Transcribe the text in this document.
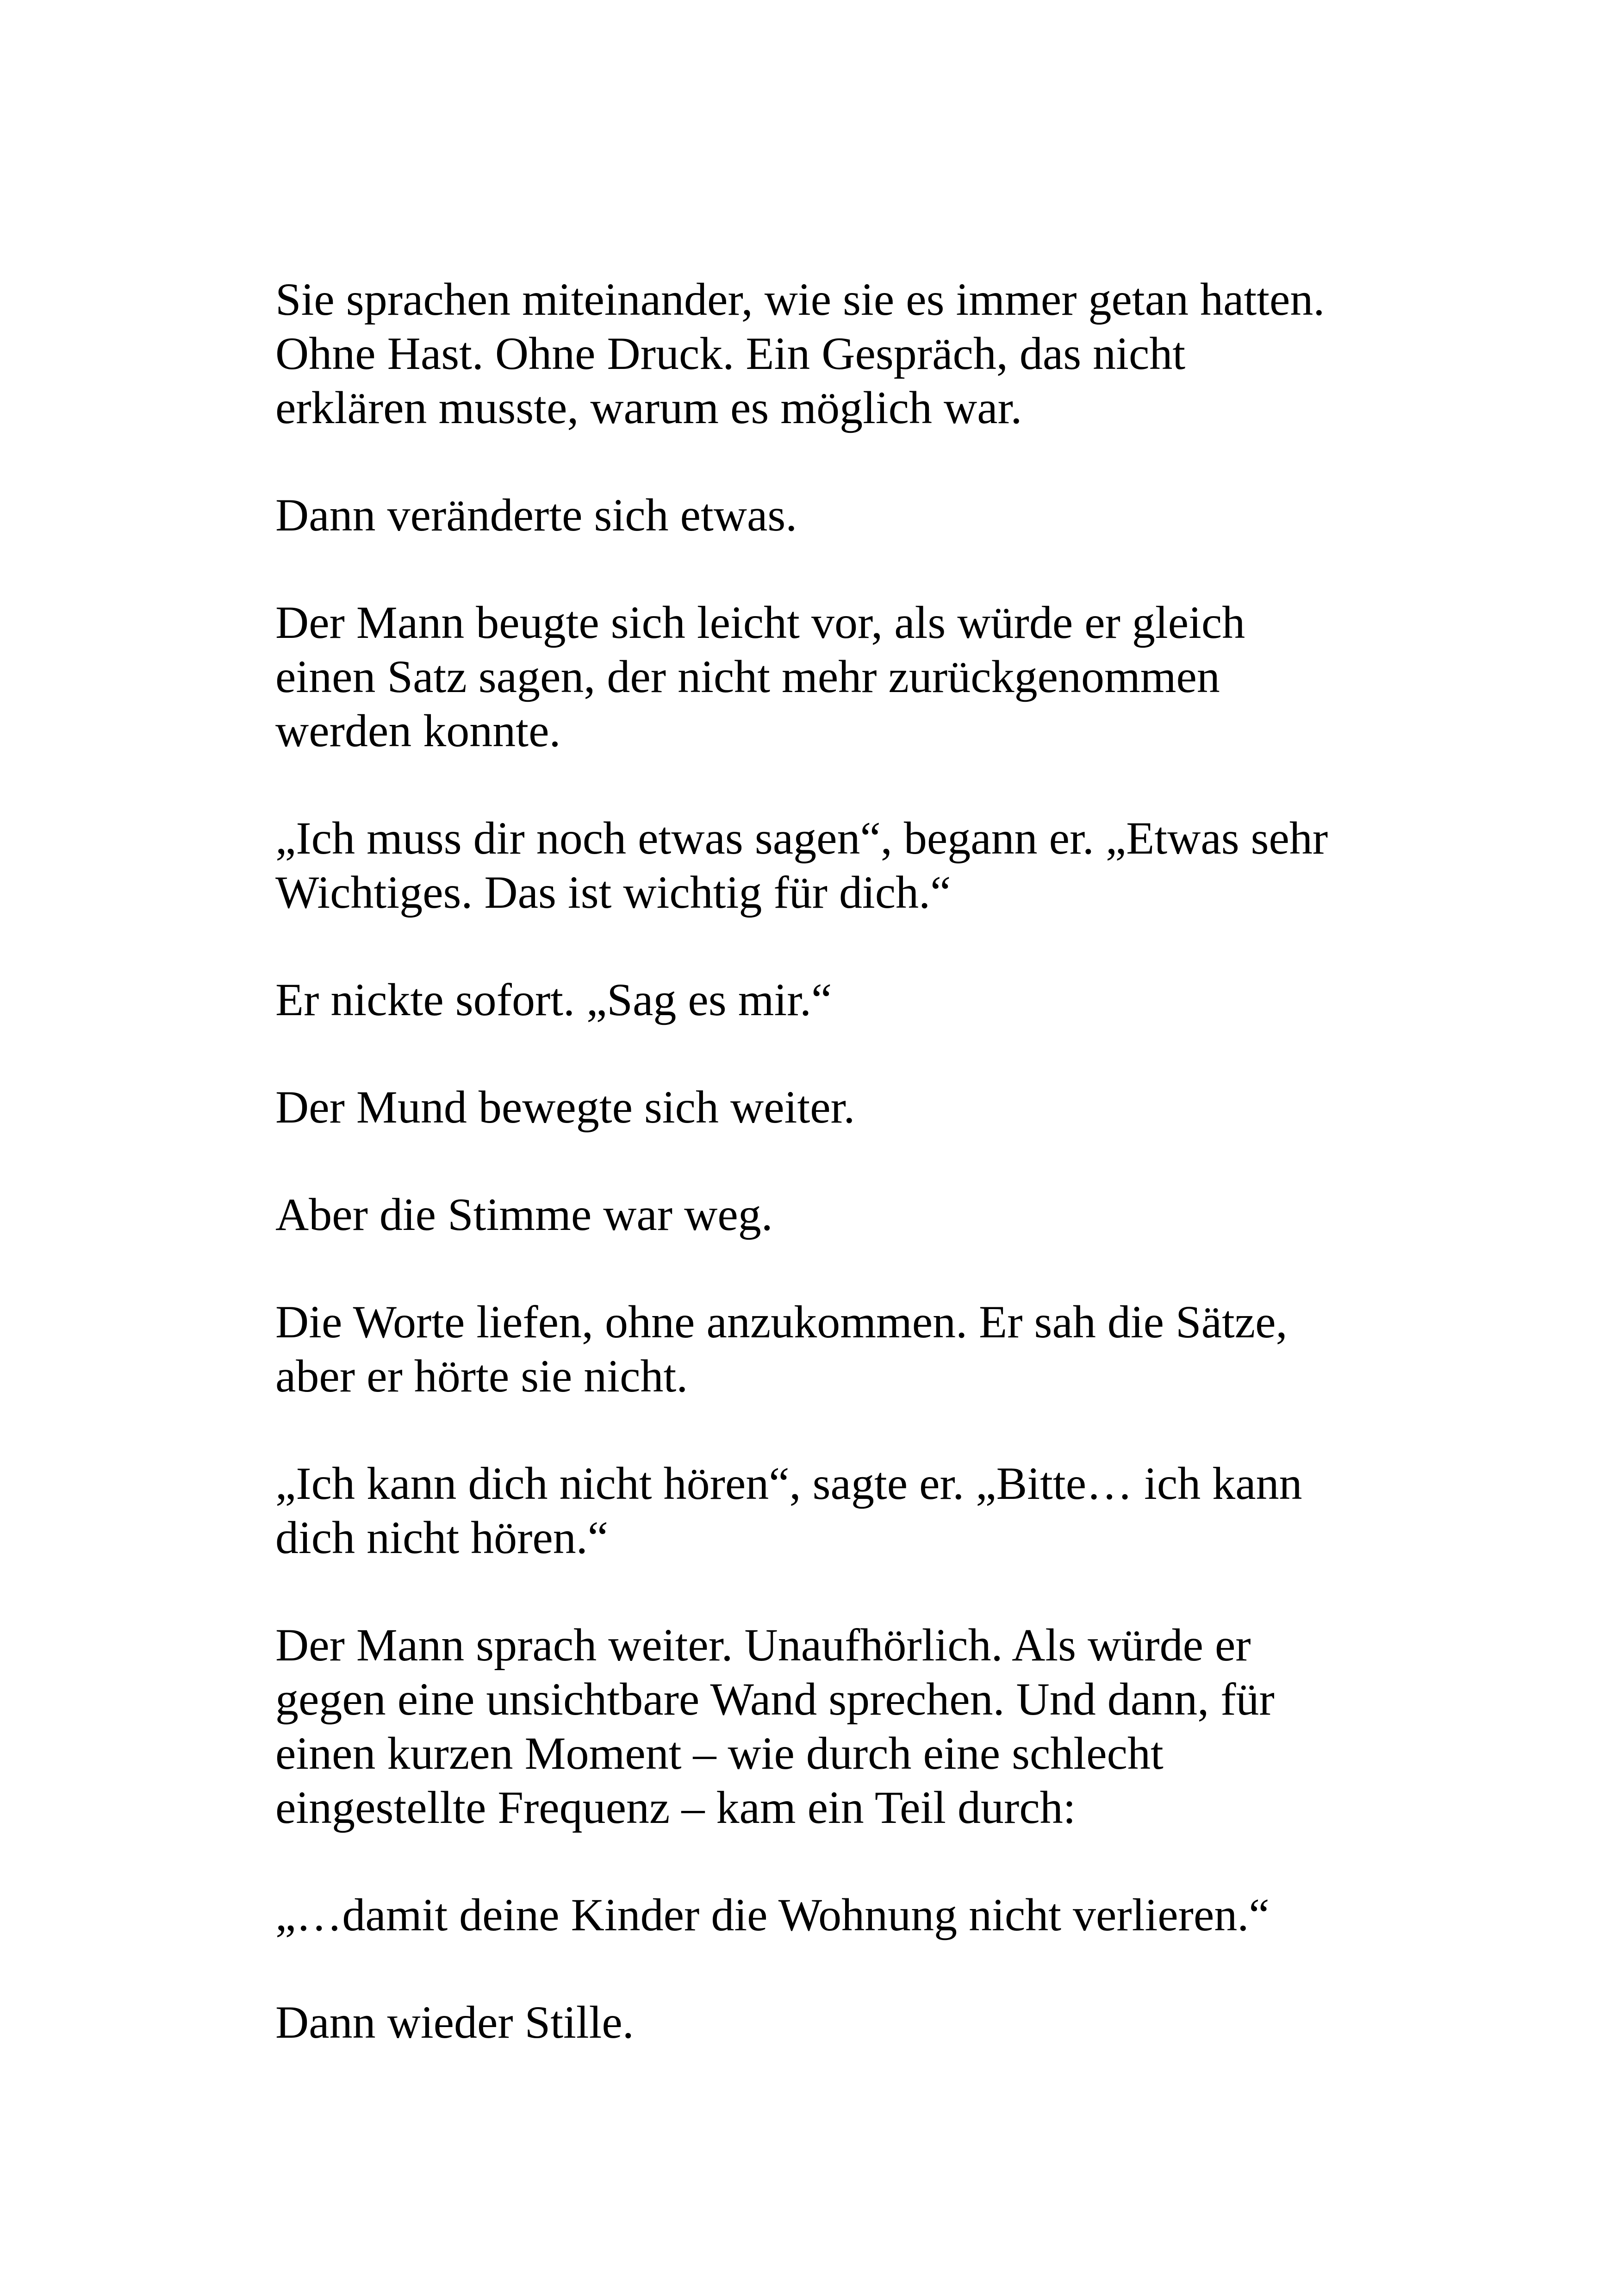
Sie sprachen miteinander, wie sie es immer getan hatten.
Ohne Hast. Ohne Druck. Ein Gespräch, das nicht
erklären musste, warum es möglich war.

Dann veränderte sich etwas.

Der Mann beugte sich leicht vor, als würde er gleich
einen Satz sagen, der nicht mehr zurückgenommen
werden konnte.

„Ich muss dir noch etwas sagen“, begann er. „Etwas sehr
Wichtiges. Das ist wichtig für dich.“

Er nickte sofort. „Sag es mir.“

Der Mund bewegte sich weiter.

Aber die Stimme war weg.

Die Worte liefen, ohne anzukommen. Er sah die Sätze,
aber er hörte sie nicht.

„Ich kann dich nicht hören“, sagte er. „Bitte… ich kann
dich nicht hören.“

Der Mann sprach weiter. Unaufhörlich. Als würde er
gegen eine unsichtbare Wand sprechen. Und dann, für
einen kurzen Moment – wie durch eine schlecht
eingestellte Frequenz – kam ein Teil durch:

„…damit deine Kinder die Wohnung nicht verlieren.“

Dann wieder Stille.
